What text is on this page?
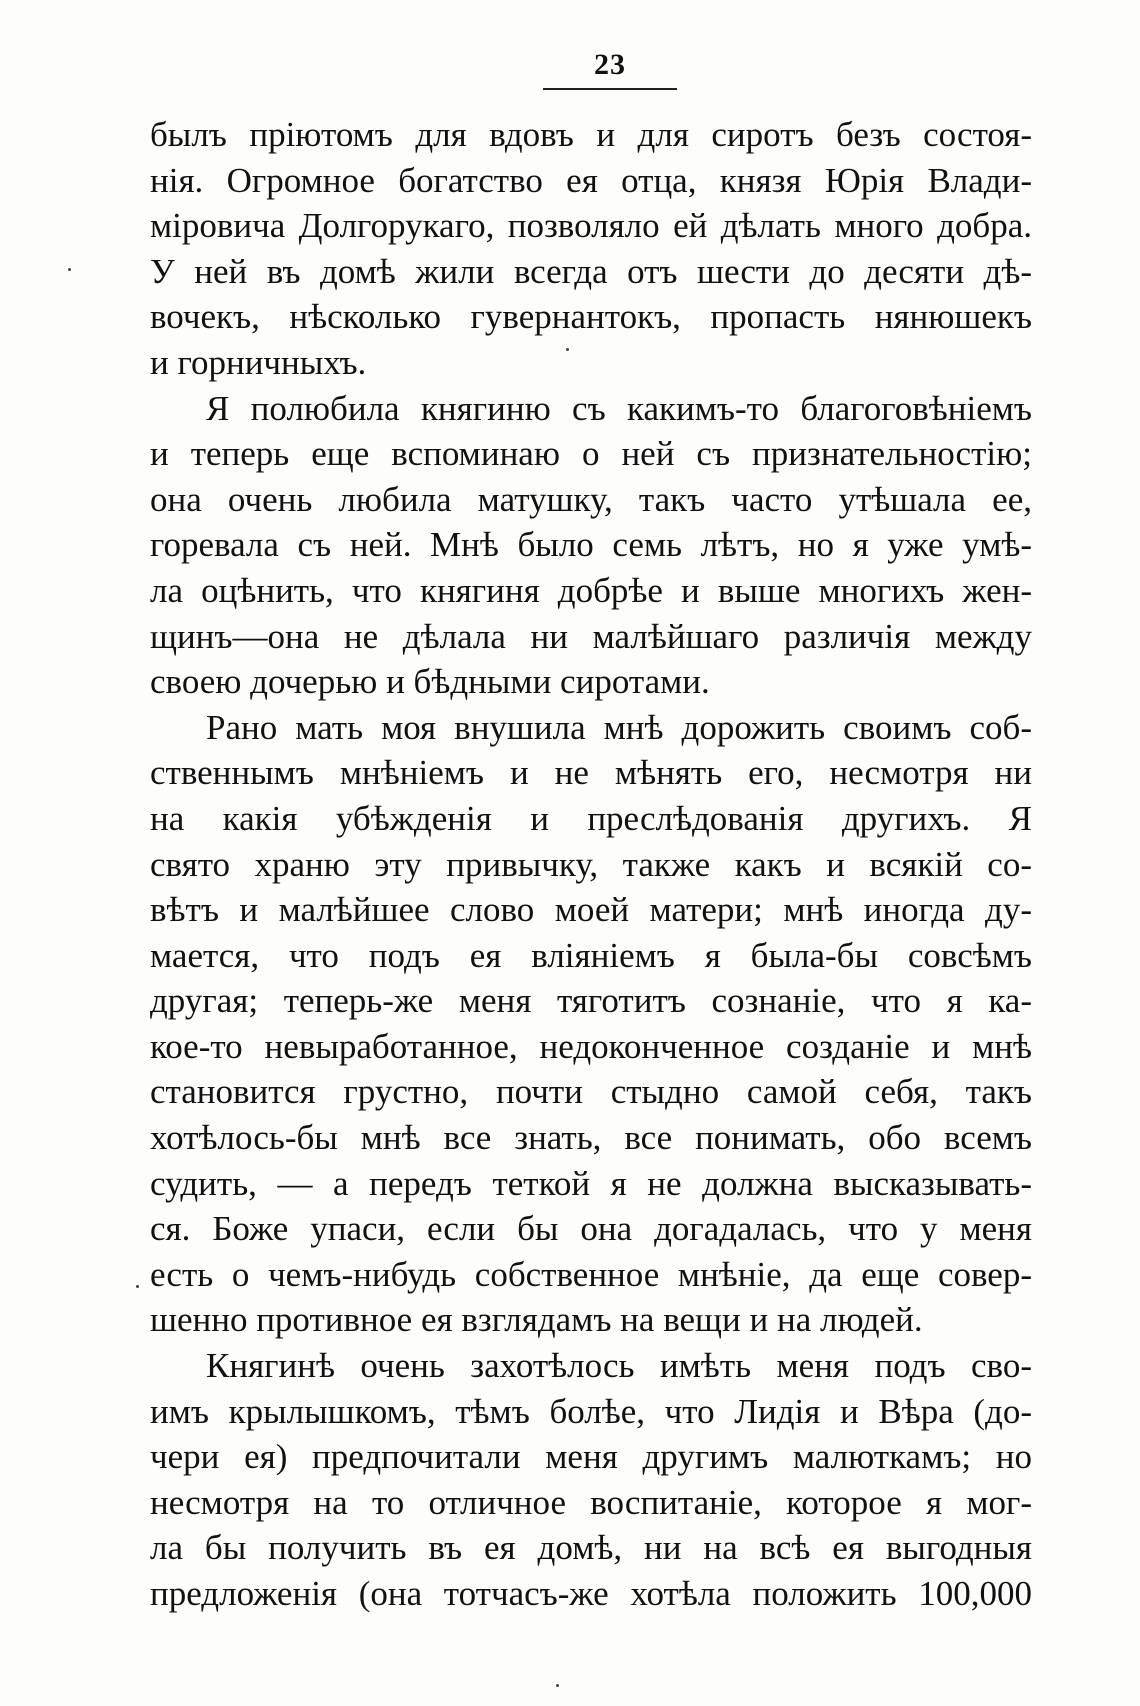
23
былъ пріютомъ для вдовъ и для сиротъ безъ состоя-
нія. Огромное богатство ея отца, князя Юрія Влади-
міровича Долгорукаго, позволяло ей дѣлать много добра.
У ней въ домѣ жили всегда отъ шести до десяти дѣ-
вочекъ, нѣсколько гувернантокъ, пропасть нянюшекъ
и горничныхъ.
Я полюбила княгиню съ какимъ-то благоговѣніемъ
и теперь еще вспоминаю о ней съ признательностію;
она очень любила матушку, такъ часто утѣшала ее,
горевала съ ней. Мнѣ было семь лѣтъ, но я уже умѣ-
ла оцѣнить, что княгиня добрѣе и выше многихъ жен-
щинъ—она не дѣлала ни малѣйшаго различія между
своею дочерью и бѣдными сиротами.
Рано мать моя внушила мнѣ дорожить своимъ соб-
ственнымъ мнѣніемъ и не мѣнять его, несмотря ни
на какія убѣжденія и преслѣдованія другихъ. Я
свято храню эту привычку, также какъ и всякій со-
вѣтъ и малѣйшее слово моей матери; мнѣ иногда ду-
мается, что подъ ея вліяніемъ я была-бы совсѣмъ
другая; теперь-же меня тяготитъ сознаніе, что я ка-
кое-то невыработанное, недоконченное созданіе и мнѣ
становится грустно, почти стыдно самой себя, такъ
хотѣлось-бы мнѣ все знать, все понимать, обо всемъ
судить, — а передъ теткой я не должна высказывать-
ся. Боже упаси, если бы она догадалась, что у меня
есть о чемъ-нибудь собственное мнѣніе, да еще совер-
шенно противное ея взглядамъ на вещи и на людей.
Княгинѣ очень захотѣлось имѣть меня подъ сво-
имъ крылышкомъ, тѣмъ болѣе, что Лидія и Вѣра (до-
чери ея) предпочитали меня другимъ малюткамъ; но
несмотря на то отличное воспитаніе, которое я мог-
ла бы получить въ ея домѣ, ни на всѣ ея выгодныя
предложенія (она тотчасъ-же хотѣла положить 100,000
